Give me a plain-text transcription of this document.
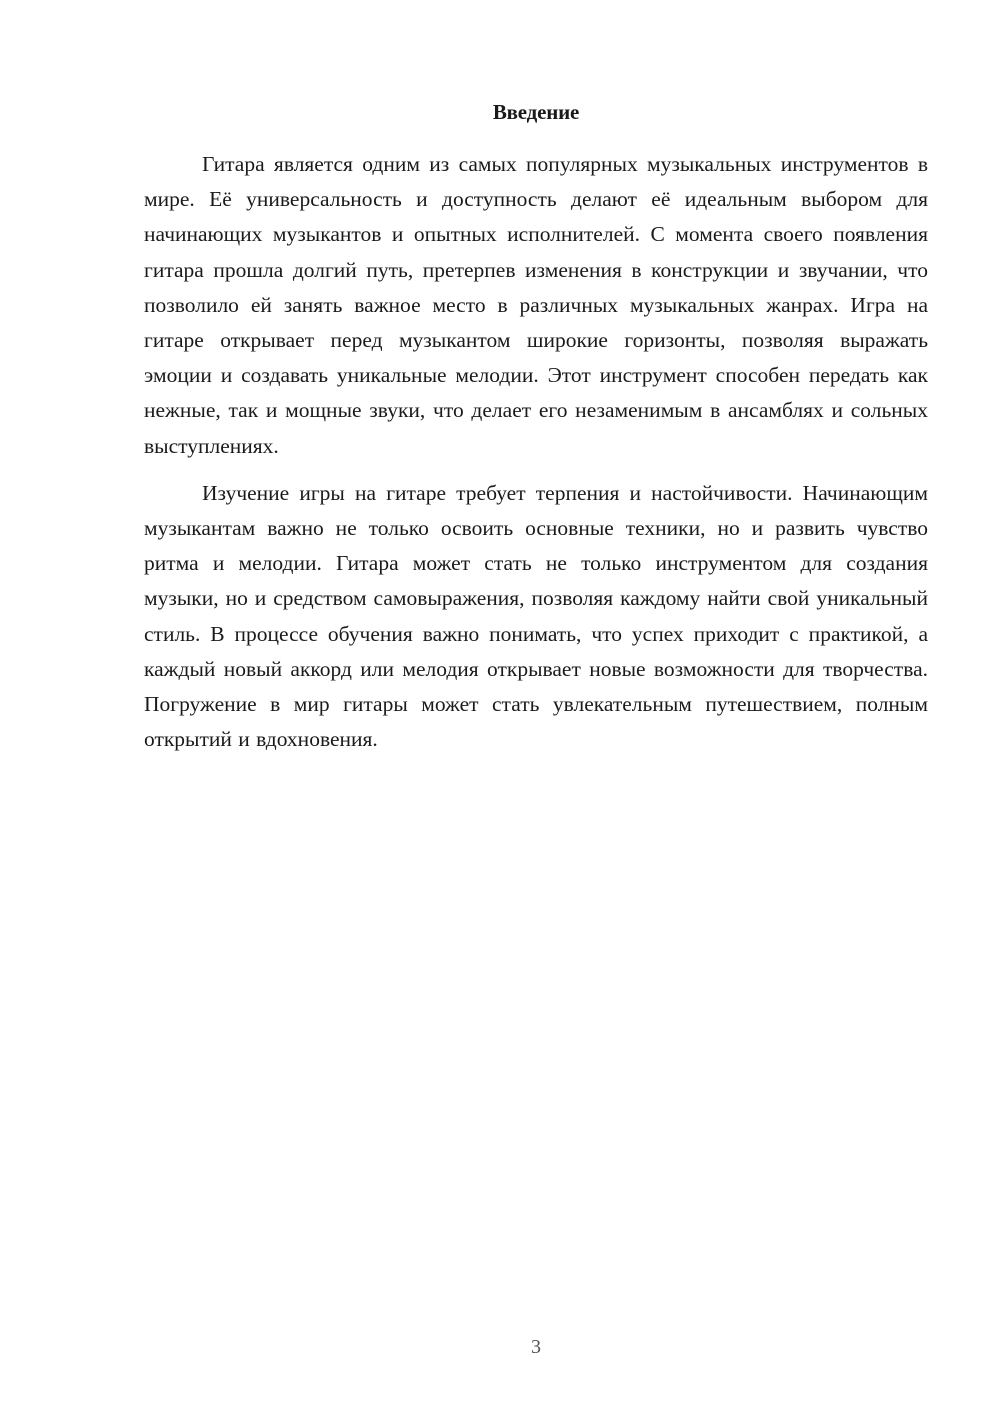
Введение

Гитара является одним из самых популярных музыкальных инструментов в мире. Её универсальность и доступность делают её идеальным выбором для начинающих музыкантов и опытных исполнителей. С момента своего появления гитара прошла долгий путь, претерпев изменения в конструкции и звучании, что позволило ей занять важное место в различных музыкальных жанрах. Игра на гитаре открывает перед музыкантом широкие горизонты, позволяя выражать эмоции и создавать уникальные мелодии. Этот инструмент способен передать как нежные, так и мощные звуки, что делает его незаменимым в ансамблях и сольных выступлениях.

Изучение игры на гитаре требует терпения и настойчивости. Начинающим музыкантам важно не только освоить основные техники, но и развить чувство ритма и мелодии. Гитара может стать не только инструментом для создания музыки, но и средством самовыражения, позволяя каждому найти свой уникальный стиль. В процессе обучения важно понимать, что успех приходит с практикой, а каждый новый аккорд или мелодия открывает новые возможности для творчества. Погружение в мир гитары может стать увлекательным путешествием, полным открытий и вдохновения.

3
